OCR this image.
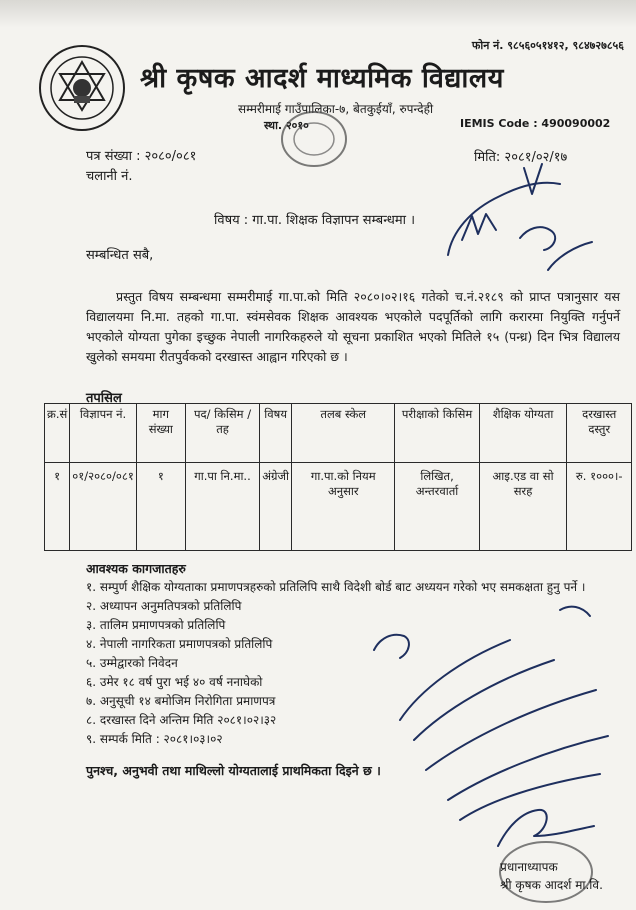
फोन नं. ९८५६०५१४१२, ९८४७२७८५६
श्री कृषक आदर्श माध्यमिक विद्यालय
सम्मरीमाई गाउँपालिका-७, बेतकुईयाँ, रुपन्देही
स्था. २०१०	IEMIS Code : 490090002
पत्र संख्या : २०८०/०८१
चलानी नं.
मिति: २०८१/०२/१७
विषय : गा.पा. शिक्षक विज्ञापन सम्बन्धमा ।
सम्बन्धित सबै,
प्रस्तुत विषय सम्बन्धमा सम्मरीमाई गा.पा.को मिति २०८०।०२।१६ गतेको च.नं.२१८९ को प्राप्त पत्रानुसार यस विद्यालयमा नि.मा. तहको गा.पा. स्वंमसेवक शिक्षक आवश्यक भएकोले पदपूर्तिको लागि करारमा नियुक्ति गर्नुपर्ने भएकोले योग्यता पुगेका इच्छुक नेपाली नागरिकहरुले यो सूचना प्रकाशित भएको मितिले १५ (पन्ध्र) दिन भित्र विद्यालय खुलेको समयमा रीतपुर्वकको दरखास्त आह्वान गरिएको छ ।
तपसिल
क्र.सं	विज्ञापन नं.	माग संख्या	पद/ किसिम /तह	विषय	तलब स्केल	परीक्षाको किसिम	शैक्षिक योग्यता	दरखास्त दस्तुर
१	०१/२०८०/०८१	१	गा.पा नि.मा..	अंग्रेजी	गा.पा.को नियम अनुसार	लिखित, अन्तरवार्ता	आइ.एड वा सो सरह	रु. १०००।-
आवश्यक कागजातहरु
१. सम्पुर्ण शैक्षिक योग्यताका प्रमाणपत्रहरुको प्रतिलिपि साथै विदेशी बोर्ड बाट अध्ययन गरेको भए समकक्षता हुनु पर्ने ।
२. अध्यापन अनुमतिपत्रको प्रतिलिपि
३. तालिम प्रमाणपत्रको प्रतिलिपि
४. नेपाली नागरिकता प्रमाणपत्रको प्रतिलिपि
५. उम्मेद्वारको निवेदन
६. उमेर १८ वर्ष पुरा भई ४० वर्ष ननाघेको
७. अनुसूची १४ बमोजिम निरोगिता प्रमाणपत्र
८. दरखास्त दिने अन्तिम मिति २०८१।०२।३२
९. सम्पर्क मिति : २०८१।०३।०२
पुनश्च, अनुभवी तथा माथिल्लो योग्यतालाई प्राथमिकता दिइने छ ।
प्रधानाध्यापक
श्री कृषक आदर्श मा.वि.
